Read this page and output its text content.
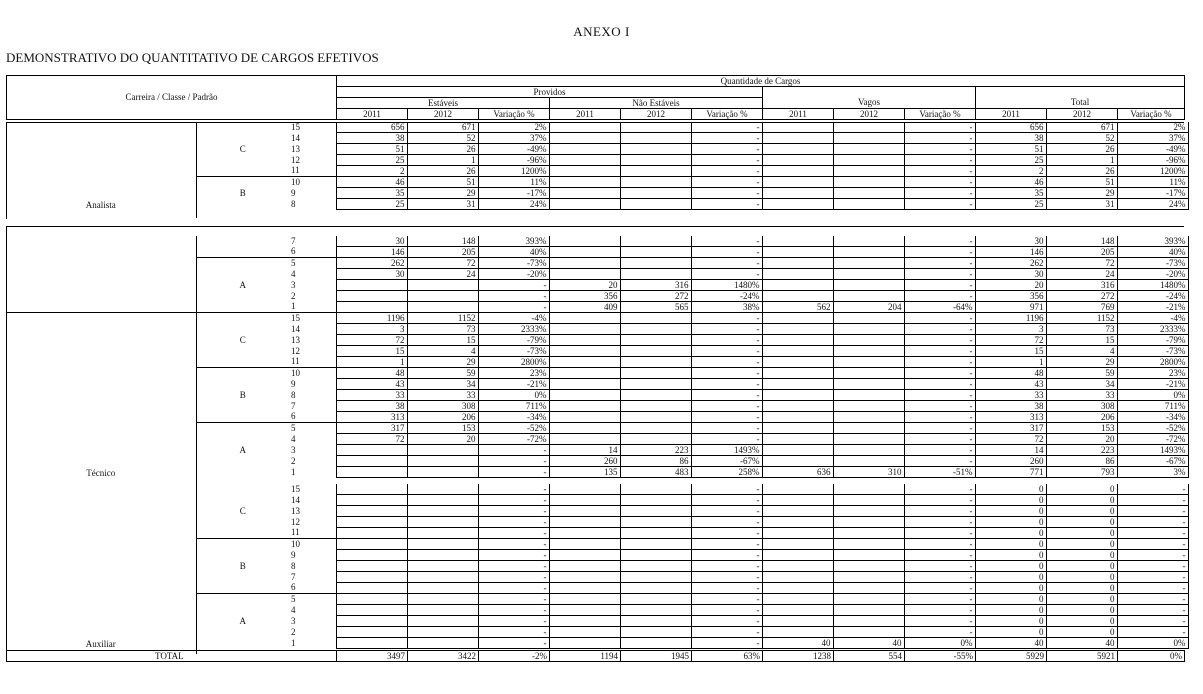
ANEXO I
DEMONSTRATIVO DO QUANTITATIVO DE CARGOS EFETIVOS
Carreira / Classe / Padrão	Quantidade de Cargos											
	Providos											
	Estáveis			Não Estáveis			Vagos			Total		
	2011	2012	Variação %	2011	2012	Variação %	2011	2012	Variação %	2011	2012	Variação %
Analista	C	15	656	671	2%			-			-	656	671	2%
		14	38	52	37%			-			-	38	52	37%
		13	51	26	-49%			-			-	51	26	-49%
		12	25	1	-96%			-			-	25	1	-96%
		11	2	26	1200%			-			-	2	26	1200%
	B	10	46	51	11%			-			-	46	51	11%
		9	35	29	-17%			-			-	35	29	-17%
		8	25	31	24%			-			-	25	31	24%
		7	30	148	393%			-			-	30	148	393%
		6	146	205	40%			-			-	146	205	40%
	A	5	262	72	-73%			-			-	262	72	-73%
		4	30	24	-20%			-			-	30	24	-20%
		3			-	20	316	1480%			-	20	316	1480%
		2			-	356	272	-24%			-	356	272	-24%
		1			-	409	565	38%	562	204	-64%	971	769	-21%
Técnico	C	15	1196	1152	-4%			-			-	1196	1152	-4%
		14	3	73	2333%			-			-	3	73	2333%
		13	72	15	-79%			-			-	72	15	-79%
		12	15	4	-73%			-			-	15	4	-73%
		11	1	29	2800%			-			-	1	29	2800%
	B	10	48	59	23%			-			-	48	59	23%
		9	43	34	-21%			-			-	43	34	-21%
		8	33	33	0%			-			-	33	33	0%
		7	38	308	711%			-			-	38	308	711%
		6	313	206	-34%			-			-	313	206	-34%
	A	5	317	153	-52%			-			-	317	153	-52%
		4	72	20	-72%			-			-	72	20	-72%
		3			-	14	223	1493%			-	14	223	1493%
		2			-	260	86	-67%			-	260	86	-67%
		1			-	135	483	258%	636	310	-51%	771	793	3%
Auxiliar	C	15			-			-			-	0	0	-
		14			-			-			-	0	0	-
		13			-			-			-	0	0	-
		12			-			-			-	0	0	-
		11			-			-			-	0	0	-
	B	10			-			-			-	0	0	-
		9			-			-			-	0	0	-
		8			-			-			-	0	0	-
		7			-			-			-	0	0	-
		6			-			-			-	0	0	-
	A	5			-			-			-	0	0	-
		4			-			-			-	0	0	-
		3			-			-			-	0	0	-
		2			-			-			-	0	0	-
		1			-			-	40	40	0%	40	40	0%
TOTAL	3497	3422	-2%	1194	1945	63%	1238	554	-55%	5929	5921	0%
